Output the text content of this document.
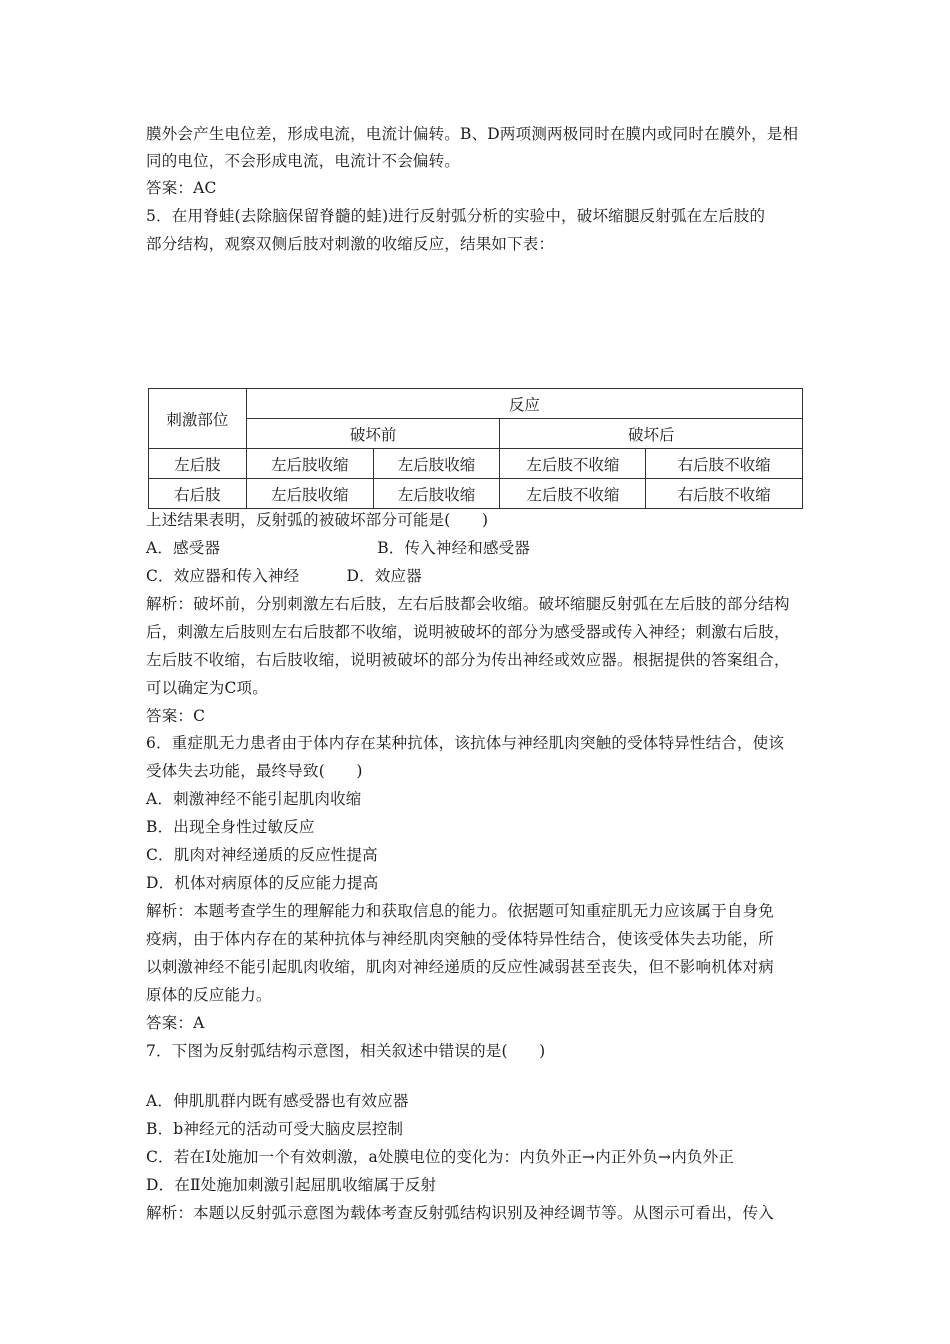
膜外会产生电位差，形成电流，电流计偏转。B、D两项测两极同时在膜内或同时在膜外，是相
同的电位，不会形成电流，电流计不会偏转。
答案：AC
5．在用脊蛙(去除脑保留脊髓的蛙)进行反射弧分析的实验中，破坏缩腿反射弧在左后肢的
部分结构，观察双侧后肢对刺激的收缩反应，结果如下表：
刺激部位	反应			
	破坏前		破坏后	
左后肢	左后肢收缩	左后肢收缩	左后肢不收缩	右后肢不收缩
右后肢	左后肢收缩	左后肢收缩	左后肢不收缩	右后肢不收缩
上述结果表明，反射弧的被破坏部分可能是(　　)
A．感受器　　　　　　　　　　B．传入神经和感受器
C．效应器和传入神经　　　D．效应器
解析：破坏前，分别刺激左右后肢，左右后肢都会收缩。破坏缩腿反射弧在左后肢的部分结构
后，刺激左后肢则左右后肢都不收缩，说明被破坏的部分为感受器或传入神经；刺激右后肢，
左后肢不收缩，右后肢收缩，说明被破坏的部分为传出神经或效应器。根据提供的答案组合，
可以确定为C项。
答案：C
6．重症肌无力患者由于体内存在某种抗体，该抗体与神经肌肉突触的受体特异性结合，使该
受体失去功能，最终导致(　　)
A．刺激神经不能引起肌肉收缩
B．出现全身性过敏反应
C．肌肉对神经递质的反应性提高
D．机体对病原体的反应能力提高
解析：本题考查学生的理解能力和获取信息的能力。依据题可知重症肌无力应该属于自身免
疫病，由于体内存在的某种抗体与神经肌肉突触的受体特异性结合，使该受体失去功能，所
以刺激神经不能引起肌肉收缩，肌肉对神经递质的反应性减弱甚至丧失，但不影响机体对病
原体的反应能力。
答案：A
7．下图为反射弧结构示意图，相关叙述中错误的是(　　)
A．伸肌肌群内既有感受器也有效应器
B．b神经元的活动可受大脑皮层控制
C．若在Ⅰ处施加一个有效刺激，a处膜电位的变化为：内负外正→内正外负→内负外正
D．在Ⅱ处施加刺激引起屈肌收缩属于反射
解析：本题以反射弧示意图为载体考查反射弧结构识别及神经调节等。从图示可看出，传入
